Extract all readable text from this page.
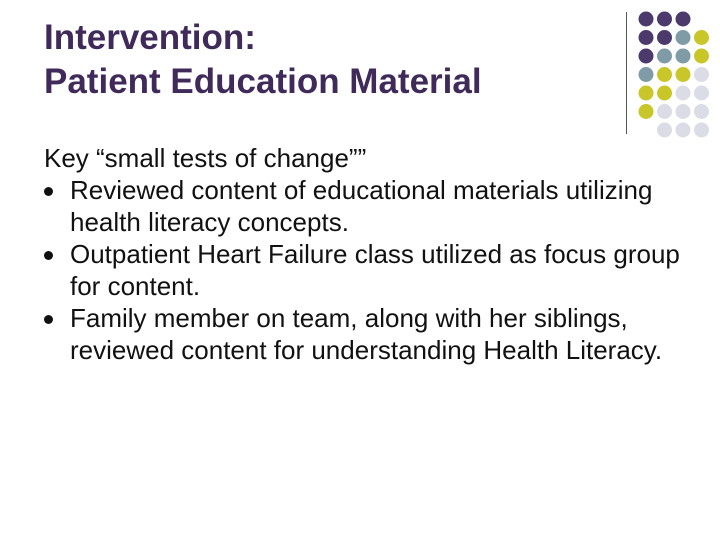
Intervention:
Patient Education Material

Key “small tests of change””

Reviewed content of educational materials utilizing health literacy concepts.
Outpatient Heart Failure class utilized as focus group for content.
Family member on team, along with her siblings, reviewed content for understanding Health Literacy.
